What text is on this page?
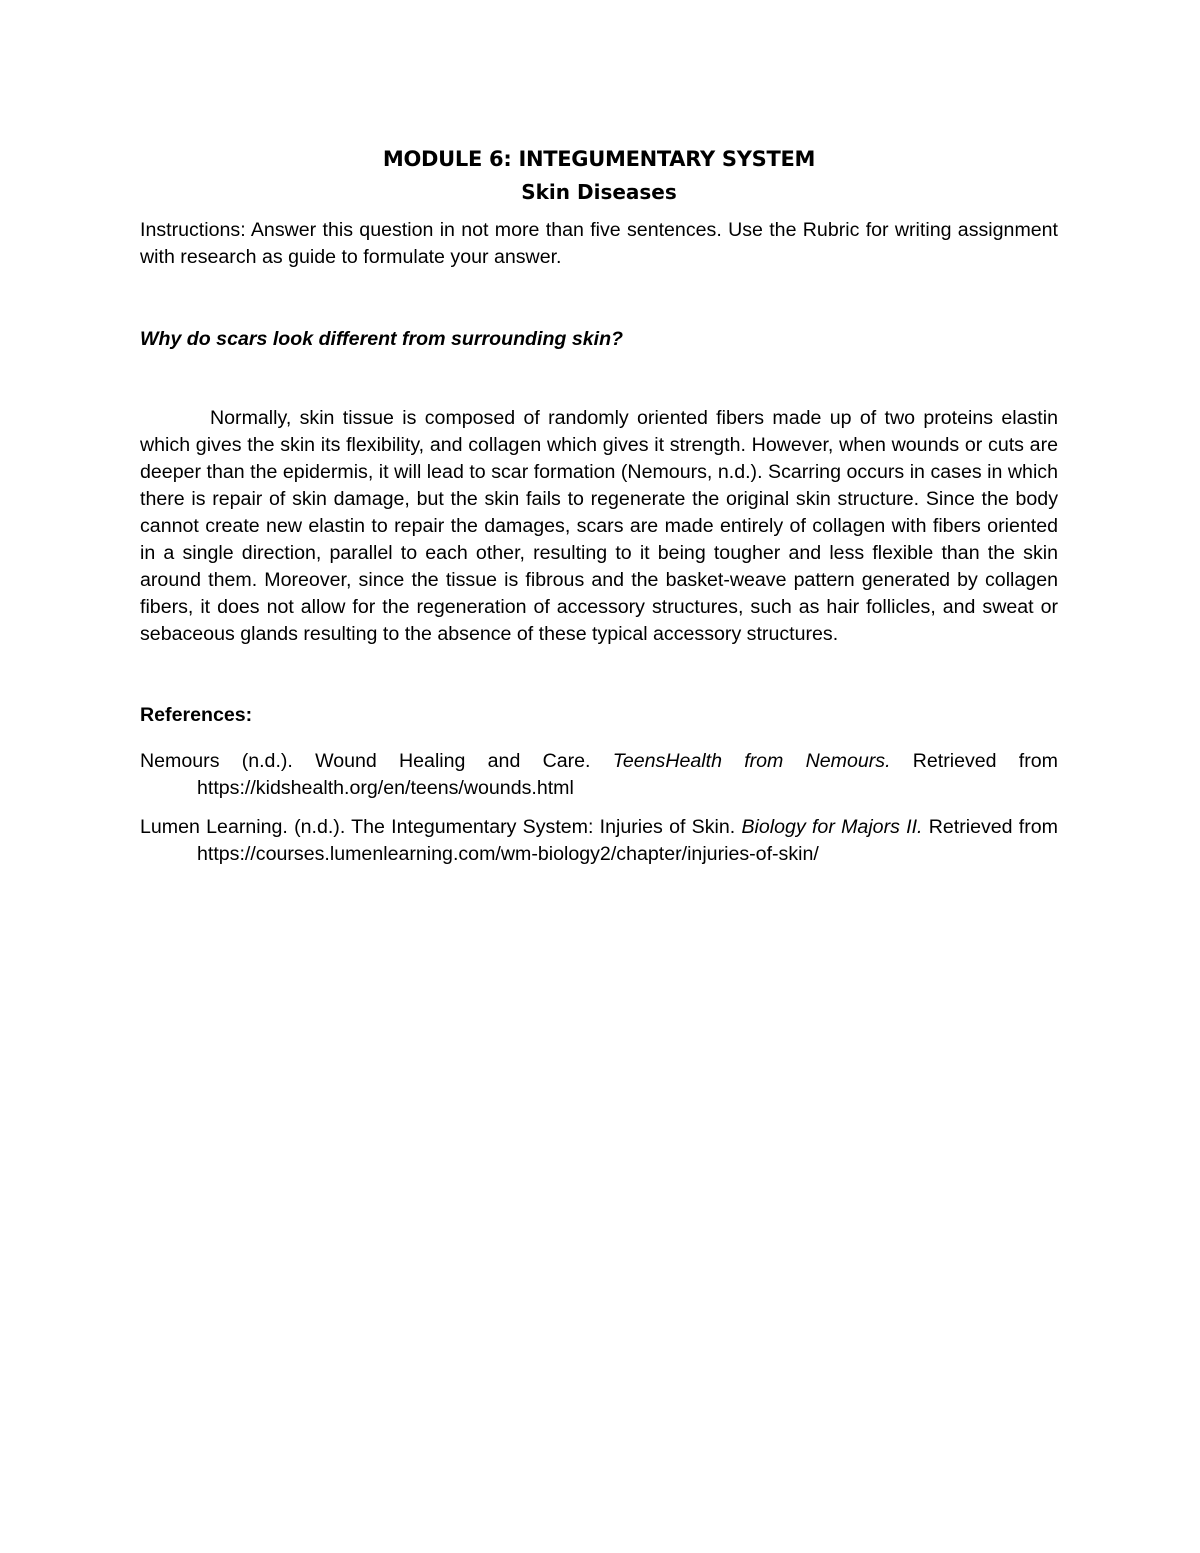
MODULE 6: INTEGUMENTARY SYSTEM
Skin Diseases

Instructions: Answer this question in not more than five sentences. Use the Rubric for writing assignment with research as guide to formulate your answer.

Why do scars look different from surrounding skin?

Normally, skin tissue is composed of randomly oriented fibers made up of two proteins elastin which gives the skin its flexibility, and collagen which gives it strength. However, when wounds or cuts are deeper than the epidermis, it will lead to scar formation (Nemours, n.d.). Scarring occurs in cases in which there is repair of skin damage, but the skin fails to regenerate the original skin structure. Since the body cannot create new elastin to repair the damages, scars are made entirely of collagen with fibers oriented in a single direction, parallel to each other, resulting to it being tougher and less flexible than the skin around them. Moreover, since the tissue is fibrous and the basket-weave pattern generated by collagen fibers, it does not allow for the regeneration of accessory structures, such as hair follicles, and sweat or sebaceous glands resulting to the absence of these typical accessory structures.

References:

Nemours (n.d.). Wound Healing and Care. TeensHealth from Nemours. Retrieved from https://kidshealth.org/en/teens/wounds.html

Lumen Learning. (n.d.). The Integumentary System: Injuries of Skin. Biology for Majors II. Retrieved from https://courses.lumenlearning.com/wm-biology2/chapter/injuries-of-skin/
